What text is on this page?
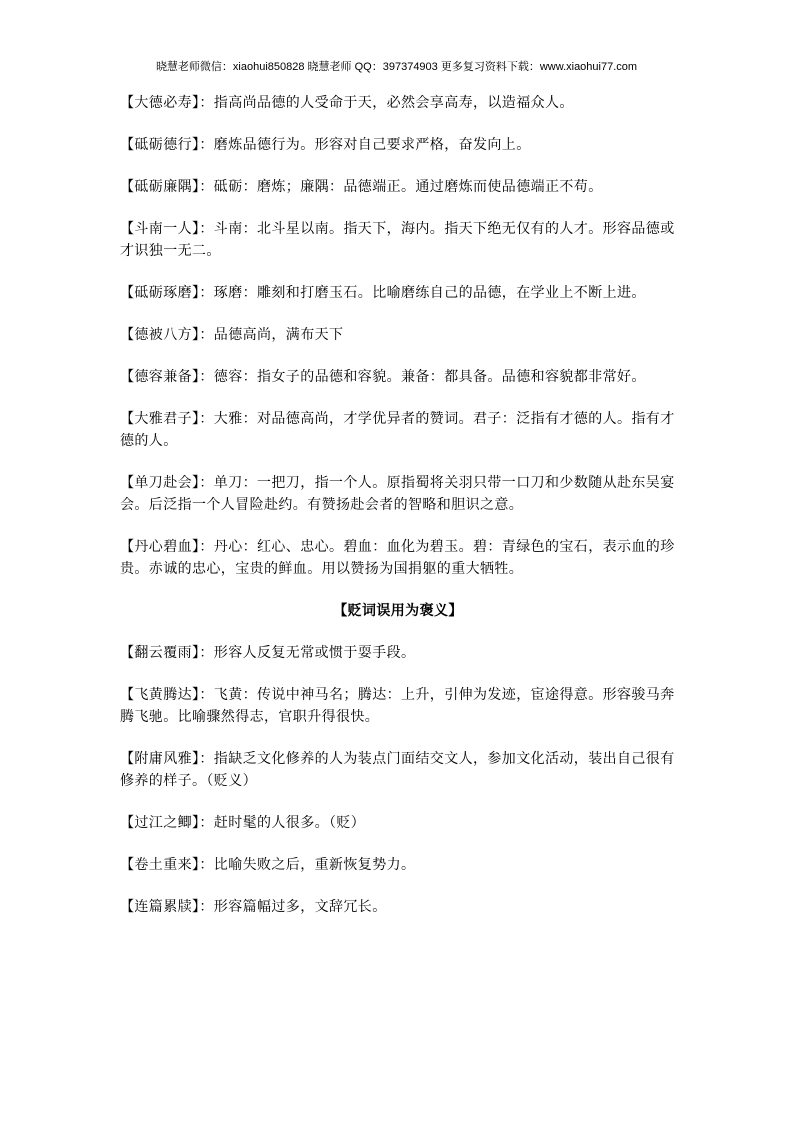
晓慧老师微信：xiaohui850828 晓慧老师 QQ：397374903 更多复习资料下载：www.xiaohui77.com
【大德必寿】：指高尚品德的人受命于天，必然会享高寿，以造福众人。
【砥砺德行】：磨炼品德行为。形容对自己要求严格，奋发向上。
【砥砺廉隅】：砥砺：磨炼；廉隅：品德端正。通过磨炼而使品德端正不苟。
【斗南一人】：斗南：北斗星以南。指天下，海内。指天下绝无仅有的人才。形容品德或才识独一无二。
【砥砺琢磨】：琢磨：雕刻和打磨玉石。比喻磨练自己的品德，在学业上不断上进。
【德被八方】：品德高尚，满布天下
【德容兼备】：德容：指女子的品德和容貌。兼备：都具备。品德和容貌都非常好。
【大雅君子】：大雅：对品德高尚，才学优异者的赞词。君子：泛指有才德的人。指有才德的人。
【单刀赴会】：单刀：一把刀，指一个人。原指蜀将关羽只带一口刀和少数随从赴东吴宴会。后泛指一个人冒险赴约。有赞扬赴会者的智略和胆识之意。
【丹心碧血】：丹心：红心、忠心。碧血：血化为碧玉。碧：青绿色的宝石，表示血的珍贵。赤诚的忠心，宝贵的鲜血。用以赞扬为国捐躯的重大牺牲。
【贬词误用为褒义】
【翻云覆雨】：形容人反复无常或惯于耍手段。
【飞黄腾达】：飞黄：传说中神马名；腾达：上升，引伸为发迹，宦途得意。形容骏马奔腾飞驰。比喻骤然得志，官职升得很快。
【附庸风雅】：指缺乏文化修养的人为装点门面结交文人，参加文化活动，装出自己很有修养的样子。（贬义）
【过江之鲫】：赶时髦的人很多。（贬）
【卷土重来】：比喻失败之后，重新恢复势力。
【连篇累牍】：形容篇幅过多，文辞冗长。
